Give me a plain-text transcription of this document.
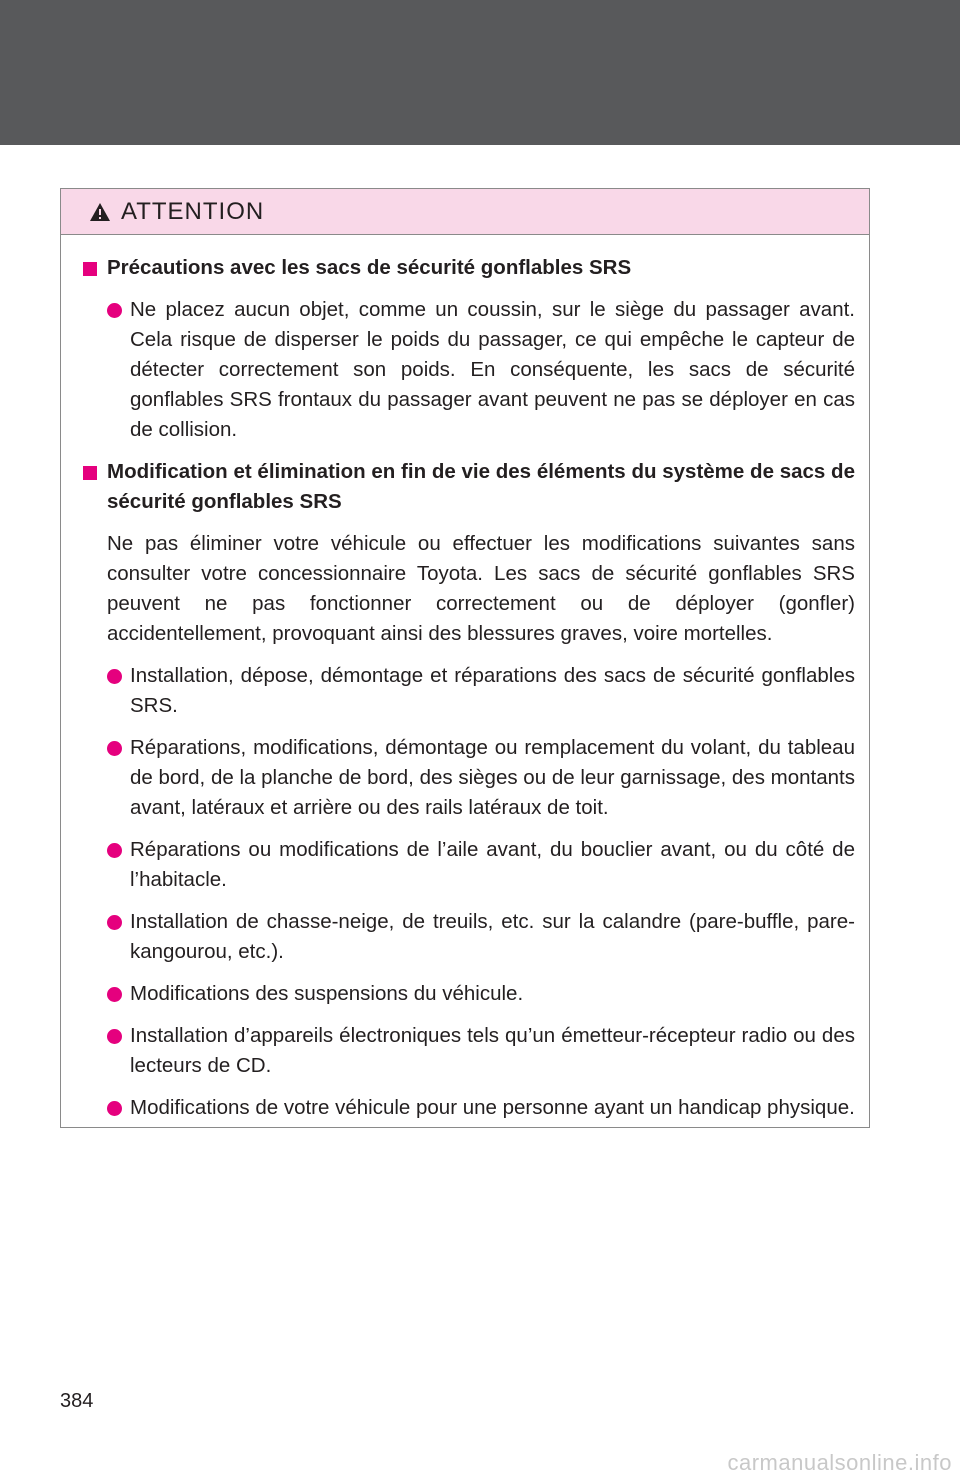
ATTENTION
Précautions avec les sacs de sécurité gonflables SRS
Ne placez aucun objet, comme un coussin, sur le siège du passager avant. Cela risque de disperser le poids du passager, ce qui empêche le capteur de détecter correctement son poids. En conséquente, les sacs de sécurité gonflables SRS frontaux du passager avant peuvent ne pas se déployer en cas de collision.
Modification et élimination en fin de vie des éléments du système de sacs de sécurité gonflables SRS
Ne pas éliminer votre véhicule ou effectuer les modifications suivantes sans consulter votre concessionnaire Toyota. Les sacs de sécurité gonflables SRS peuvent ne pas fonctionner correctement ou de déployer (gonfler) accidentellement, provoquant ainsi des blessures graves, voire mortelles.
Installation, dépose, démontage et réparations des sacs de sécurité gonflables SRS.
Réparations, modifications, démontage ou remplacement du volant, du tableau de bord, de la planche de bord, des sièges ou de leur garnissage, des montants avant, latéraux et arrière ou des rails latéraux de toit.
Réparations ou modifications de l’aile avant, du bouclier avant, ou du côté de l’habitacle.
Installation de chasse-neige, de treuils, etc. sur la calandre (pare-buffle, pare-kangourou, etc.).
Modifications des suspensions du véhicule.
Installation d’appareils électroniques tels qu’un émetteur-récepteur radio ou des lecteurs de CD.
Modifications de votre véhicule pour une personne ayant un handicap physique.
384
carmanualsonline.info
